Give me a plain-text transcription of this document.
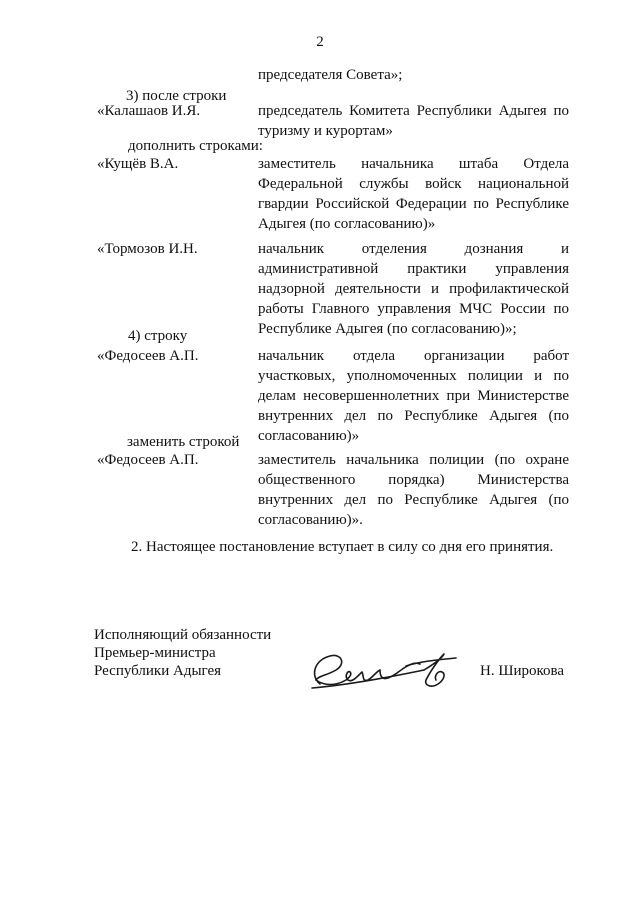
2
председателя Совета»;
3) после строки
«Калашаов И.Я.	председатель Комитета Республики Адыгея по туризму и курортам»
дополнить строками:
«Кущёв В.А.	заместитель начальника штаба Отдела Федеральной службы войск национальной гвардии Российской Федерации по Республике Адыгея (по согласованию)»
«Тормозов И.Н.	начальник отделения дознания и административной практики управления надзорной деятельности и профилактической работы Главного управления МЧС России по Республике Адыгея (по согласованию)»;
4) строку
«Федосеев А.П.	начальник отдела организации работ участковых, уполномоченных полиции и по делам несовершеннолетних при Министерстве внутренних дел по Республике Адыгея (по согласованию)»
заменить строкой
«Федосеев А.П.	заместитель начальника полиции (по охране общественного порядка) Министерства внутренних дел по Республике Адыгея (по согласованию)».
2. Настоящее постановление вступает в силу со дня его принятия.
Исполняющий обязанности
Премьер-министра
Республики Адыгея	Н. Широкова
